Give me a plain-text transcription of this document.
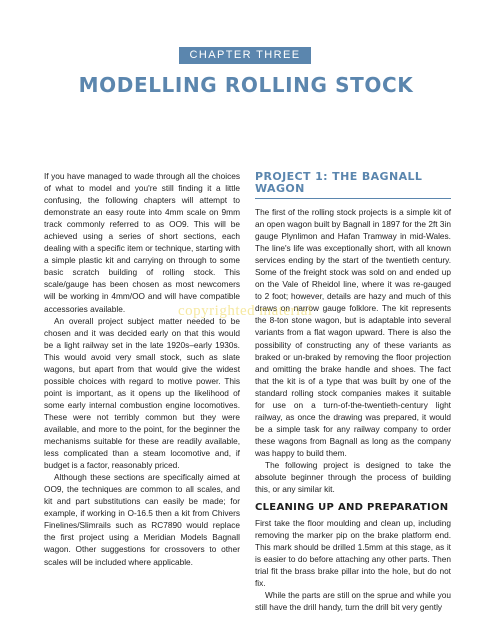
CHAPTER THREE
MODELLING ROLLING STOCK

If you have managed to wade through all the choices of what to model and you're still finding it a little confusing, the following chapters will attempt to demonstrate an easy route into 4mm scale on 9mm track commonly referred to as OO9. This will be achieved using a series of short sections, each dealing with a specific item or technique, starting with a simple plastic kit and carrying on through to some basic scratch building of rolling stock. This scale/gauge has been chosen as most newcomers will be working in 4mm/OO and will have compatible accessories available.

An overall project subject matter needed to be chosen and it was decided early on that this would be a light railway set in the late 1920s–early 1930s. This would avoid very small stock, such as slate wagons, but apart from that would give the widest possible choices with regard to motive power. This point is important, as it opens up the likelihood of some early internal combustion engine locomotives. These were not terribly common but they were available, and more to the point, for the beginner the mechanisms suitable for these are readily available, less complicated than a steam locomotive and, if budget is a factor, reasonably priced.

Although these sections are specifically aimed at OO9, the techniques are common to all scales, and kit and part substitutions can easily be made; for example, if working in O-16.5 then a kit from Chivers Finelines/Slimrails such as RC7890 would replace the first project using a Meridian Models Bagnall wagon. Other suggestions for crossovers to other scales will be included where applicable.

PROJECT 1: THE BAGNALL WAGON

The first of the rolling stock projects is a simple kit of an open wagon built by Bagnall in 1897 for the 2ft 3in gauge Plynlimon and Hafan Tramway in mid-Wales. The line's life was exceptionally short, with all known services ending by the start of the twentieth century. Some of the freight stock was sold on and ended up on the Vale of Rheidol line, where it was re-gauged to 2 foot; however, details are hazy and much of this draws on narrow gauge folklore. The kit represents the 8-ton stone wagon, but is adaptable into several variants from a flat wagon upward. There is also the possibility of constructing any of these variants as braked or un-braked by removing the floor projection and omitting the brake handle and shoes. The fact that the kit is of a type that was built by one of the standard rolling stock companies makes it suitable for use on a turn-of-the-twentieth-century light railway, as once the drawing was prepared, it would be a simple task for any railway company to order these wagons from Bagnall as long as the company was happy to build them.

The following project is designed to take the absolute beginner through the process of building this, or any similar kit.

CLEANING UP AND PREPARATION

First take the floor moulding and clean up, including removing the marker pip on the brake platform end. This mark should be drilled 1.5mm at this stage, as it is easier to do before attaching any other parts. Then trial fit the brass brake pillar into the hole, but do not fix.

While the parts are still on the sprue and while you still have the drill handy, turn the drill bit very gently

copyrighted material
